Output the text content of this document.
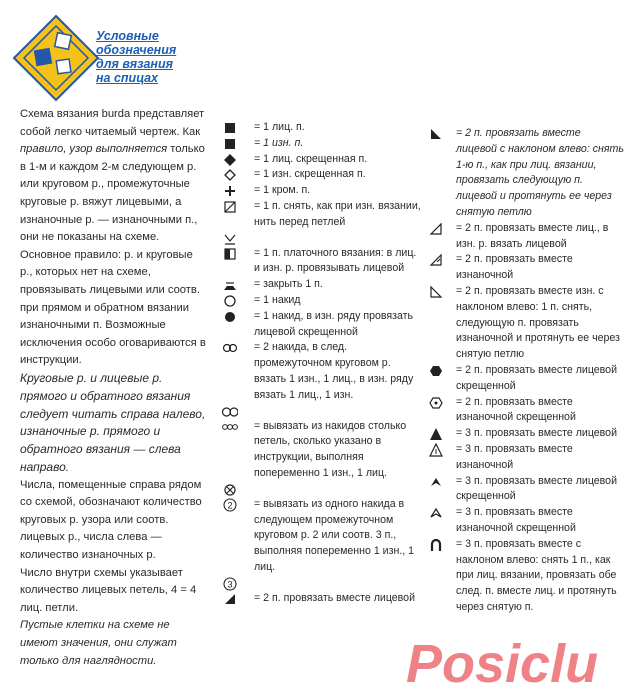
Условные
обозначения
для вязания
на спицах

Схема вязания burda представляет собой легко читаемый чертеж. Как правило, узор выполняется только в 1-м и каждом 2-м следующем р. или круговом р., промежуточные круговые р. вяжут лицевыми, а изнаночные р. — изнаночными п., они не показаны на схеме. Основное правило: р. и круговые р., которых нет на схеме, провязывать лицевыми или соотв. при прямом и обратном вязании изнаночными п. Возможные исключения особо оговариваются в инструкции.

Круговые р. и лицевые р. прямого и обратного вязания следует читать справа налево, изнаночные р. прямого и обратного вязания — слева направо.

Числа, помещенные справа рядом со схемой, обозначают количество круговых р. узора или соотв. лицевых р., числа слева — количество изнаночных р.

Число внутри схемы указывает количество лицевых петель, 4 = 4 лиц. петли.

Пустые клетки на схеме не имеют значения, они служат только для наглядности.

= 1 лиц. п.
= 1 изн. п.
= 1 лиц. скрещенная п.
= 1 изн. скрещенная п.
= 1 кром. п.
= 1 п. снять, как при изн. вязании, нить перед петлей
= 1 п. платочного вязания: в лиц. и изн. р. провязывать лицевой
= закрыть 1 п.
= 1 накид
= 1 накид, в изн. ряду провязать лицевой скрещенной
= 2 накида, в след. промежуточном круговом р. вязать 1 изн., 1 лиц., в изн. ряду вязать 1 лиц., 1 изн.
= вывязать из накидов столько петель, сколько указано в инструкции, выполняя попеременно 1 изн., 1 лиц.
2 = вывязать из одного накида в следующем промежуточном круговом р. 2 или соотв. 3 п., выполняя попеременно 1 изн., 1 лиц.
3
= 2 п. провязать вместе лицевой
= 2 п. провязать вместе лицевой с наклоном влево: снять 1-ю п., как при лиц. вязании, провязать следующую п. лицевой и протянуть ее через снятую петлю
= 2 п. провязать вместе лиц., в изн. р. вязать лицевой
= 2 п. провязать вместе изнаночной
= 2 п. провязать вместе изн. с наклоном влево: 1 п. снять, следующую п. провязать изнаночной и протянуть ее через снятую петлю
= 2 п. провязать вместе лицевой скрещенной
= 2 п. провязать вместе изнаночной скрещенной
= 3 п. провязать вместе лицевой
= 3 п. провязать вместе изнаночной
= 3 п. провязать вместе лицевой скрещенной
= 3 п. провязать вместе изнаночной скрещенной
= 3 п. провязать вместе с наклоном влево: снять 1 п., как при лиц. вязании, провязать обе след. п. вместе лиц. и протянуть через снятую п.
Posiclu
